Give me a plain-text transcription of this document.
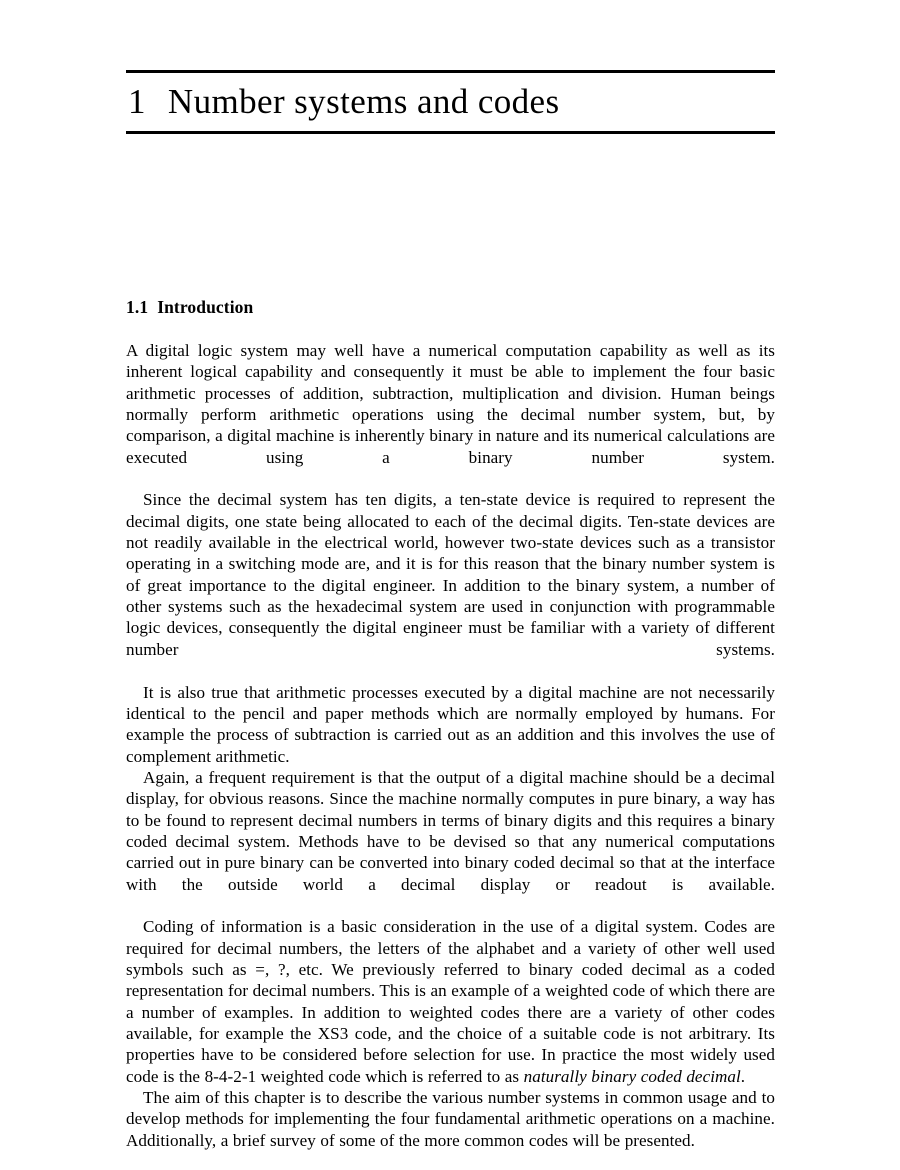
1 Number systems and codes
1.1 Introduction

A digital logic system may well have a numerical computation capability as well as its inherent logical capability and consequently it must be able to implement the four basic arithmetic processes of addition, subtraction, multiplication and division. Human beings normally perform arithmetic operations using the decimal number system, but, by comparison, a digital machine is inherently binary in nature and its numerical calculations are executed using a binary number system.

Since the decimal system has ten digits, a ten-state device is required to represent the decimal digits, one state being allocated to each of the decimal digits. Ten-state devices are not readily available in the electrical world, however two-state devices such as a transistor operating in a switching mode are, and it is for this reason that the binary number system is of great importance to the digital engineer. In addition to the binary system, a number of other systems such as the hexadecimal system are used in conjunction with programmable logic devices, consequently the digital engineer must be familiar with a variety of different number systems.

It is also true that arithmetic processes executed by a digital machine are not necessarily identical to the pencil and paper methods which are normally employed by humans. For example the process of subtraction is carried out as an addition and this involves the use of complement arithmetic.

Again, a frequent requirement is that the output of a digital machine should be a decimal display, for obvious reasons. Since the machine normally computes in pure binary, a way has to be found to represent decimal numbers in terms of binary digits and this requires a binary coded decimal system. Methods have to be devised so that any numerical computations carried out in pure binary can be converted into binary coded decimal so that at the interface with the outside world a decimal display or readout is available.

Coding of information is a basic consideration in the use of a digital system. Codes are required for decimal numbers, the letters of the alphabet and a variety of other well used symbols such as =, ?, etc. We previously referred to binary coded decimal as a coded representation for decimal numbers. This is an example of a weighted code of which there are a number of examples. In addition to weighted codes there are a variety of other codes available, for example the XS3 code, and the choice of a suitable code is not arbitrary. Its properties have to be considered before selection for use. In practice the most widely used code is the 8-4-2-1 weighted code which is referred to as naturally binary coded decimal.

The aim of this chapter is to describe the various number systems in common usage and to develop methods for implementing the four fundamental arithmetic operations on a machine. Additionally, a brief survey of some of the more common codes will be presented.
